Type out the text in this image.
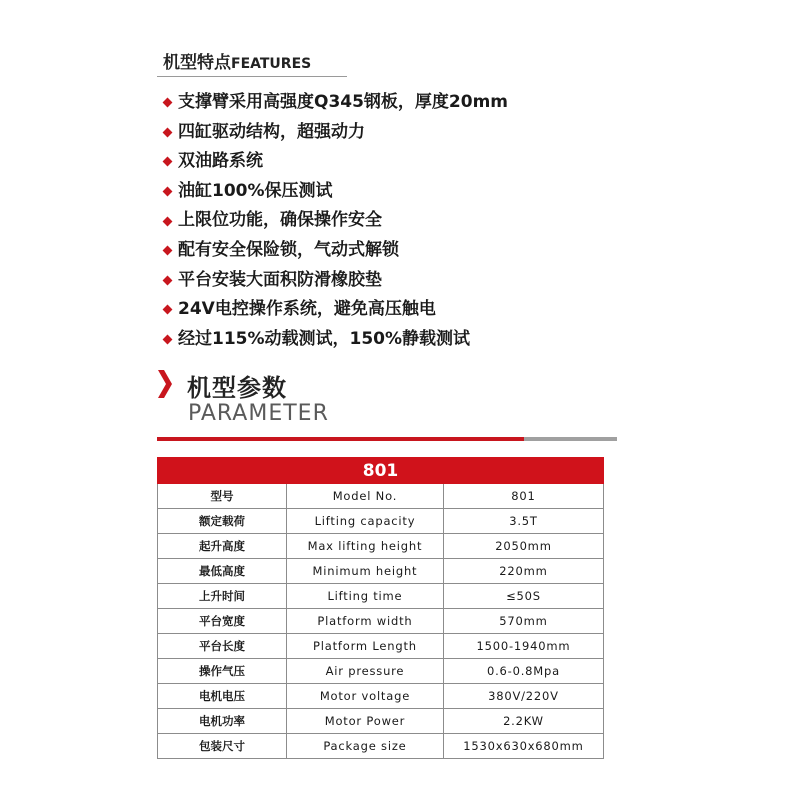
机型特点FEATURES
支撑臂采用高强度Q345钢板，厚度20mm
四缸驱动结构，超强动力
双油路系统
油缸100%保压测试
上限位功能，确保操作安全
配有安全保险锁，气动式解锁
平台安装大面积防滑橡胶垫
24V电控操作系统，避免高压触电
经过115%动载测试，150%静载测试
机型参数
PARAMETER
801		
型号	Model No.	801
额定载荷	Lifting capacity	3.5T
起升高度	Max lifting height	2050mm
最低高度	Minimum height	220mm
上升时间	Lifting time	≤50S
平台宽度	Platform width	570mm
平台长度	Platform Length	1500-1940mm
操作气压	Air pressure	0.6-0.8Mpa
电机电压	Motor voltage	380V/220V
电机功率	Motor Power	2.2KW
包装尺寸	Package size	1530x630x680mm
